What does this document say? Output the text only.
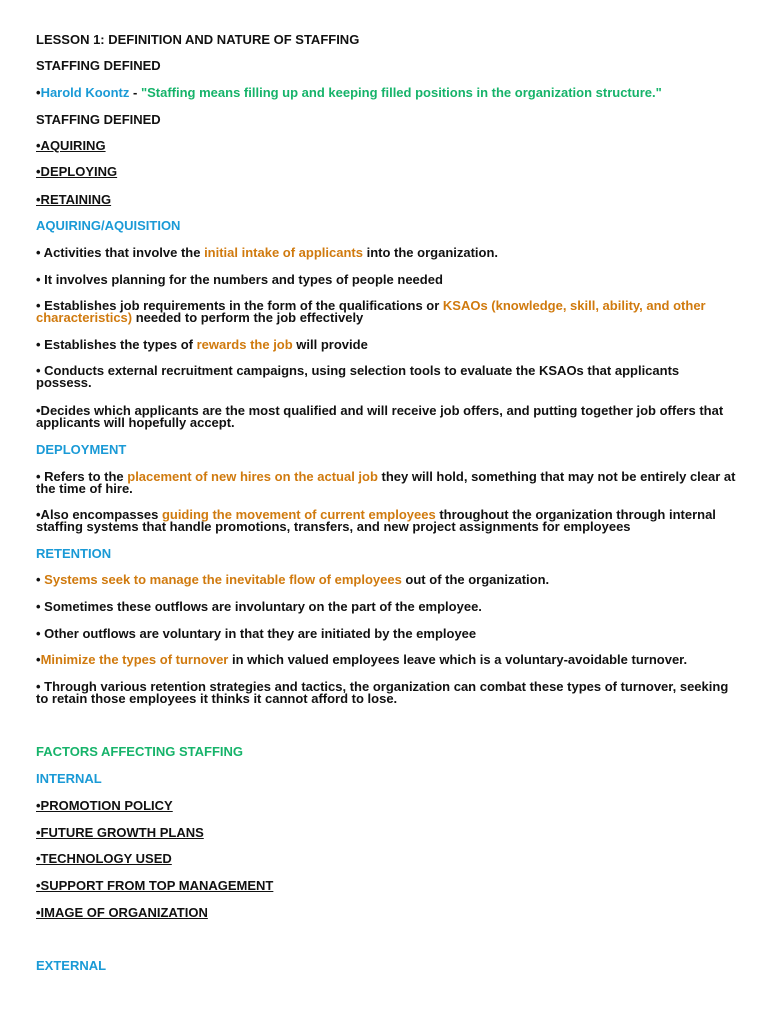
LESSON 1: DEFINITION AND NATURE OF STAFFING
STAFFING DEFINED
•Harold Koontz - "Staffing means filling up and keeping filled positions in the organization structure."
STAFFING DEFINED
•AQUIRING
•DEPLOYING
•RETAINING
AQUIRING/AQUISITION
• Activities that involve the initial intake of applicants into the organization.
• It involves planning for the numbers and types of people needed
• Establishes job requirements in the form of the qualifications or KSAOs (knowledge, skill, ability, and other characteristics) needed to perform the job effectively
• Establishes the types of rewards the job will provide
• Conducts external recruitment campaigns, using selection tools to evaluate the KSAOs that applicants possess.
•Decides which applicants are the most qualified and will receive job offers, and putting together job offers that applicants will hopefully accept.
DEPLOYMENT
• Refers to the placement of new hires on the actual job they will hold, something that may not be entirely clear at the time of hire.
•Also encompasses guiding the movement of current employees throughout the organization through internal staffing systems that handle promotions, transfers, and new project assignments for employees
RETENTION
• Systems seek to manage the inevitable flow of employees out of the organization.
• Sometimes these outflows are involuntary on the part of the employee.
• Other outflows are voluntary in that they are initiated by the employee
•Minimize the types of turnover in which valued employees leave which is a voluntary-avoidable turnover.
• Through various retention strategies and tactics, the organization can combat these types of turnover, seeking to retain those employees it thinks it cannot afford to lose.
FACTORS AFFECTING STAFFING
INTERNAL
•PROMOTION POLICY
•FUTURE GROWTH PLANS
•TECHNOLOGY USED
•SUPPORT FROM TOP MANAGEMENT
•IMAGE OF ORGANIZATION
EXTERNAL
